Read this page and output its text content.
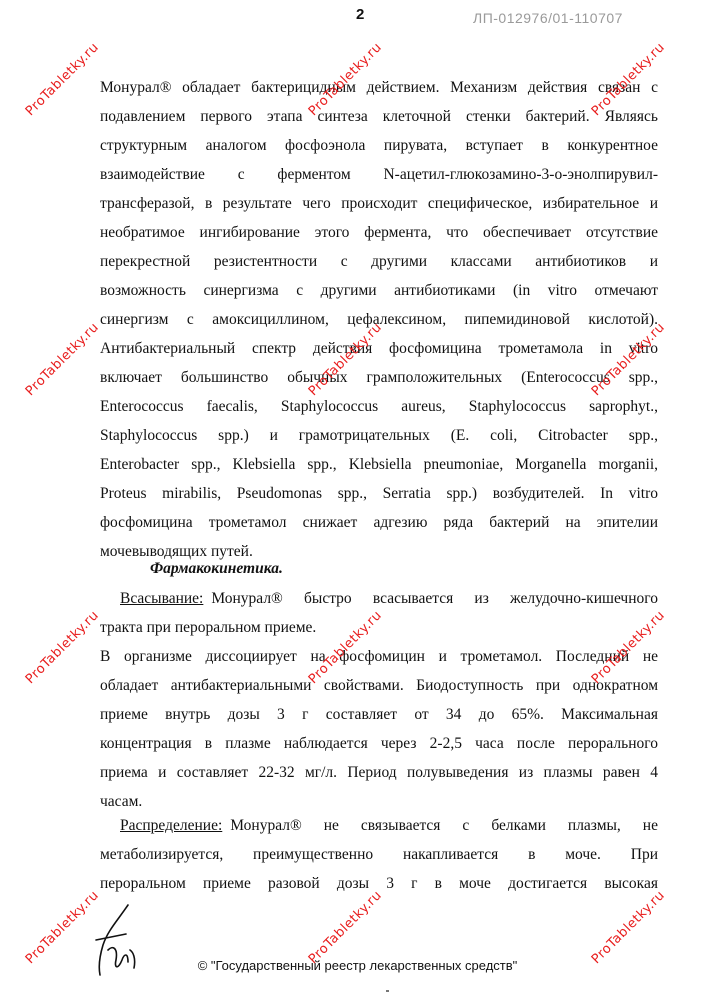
2	ЛП-012976/01-110707
Монурал® обладает бактерицидным действием. Механизм действия связан с
подавлением первого этапа синтеза клеточной стенки бактерий. Являясь
структурным аналогом фосфоэнола пирувата, вступает в конкурентное
взаимодействие с ферментом N-ацетил-глюкозамино-3-о-энолпирувил-
трансферазой, в результате чего происходит специфическое, избирательное и
необратимое ингибирование этого фермента, что обеспечивает отсутствие
перекрестной резистентности с другими классами антибиотиков и
возможность синергизма с другими антибиотиками (in vitro отмечают
синергизм с амоксициллином, цефалексином, пипемидиновой кислотой).
Антибактериальный спектр действия фосфомицина трометамола in vitro
включает большинство обычных грамположительных (Enterococcus spp.,
Enterococcus faecalis, Staphylococcus aureus, Staphylococcus saprophyt.,
Staphylococcus spp.) и грамотрицательных (E. coli, Citrobacter spp.,
Enterobacter spp., Klebsiella spp., Klebsiella pneumoniae, Morganella morganii,
Proteus mirabilis, Pseudomonas spp., Serratia spp.) возбудителей. In vitro
фосфомицина трометамол снижает адгезию ряда бактерий на эпителии
мочевыводящих путей.
Фармакокинетика.
Всасывание: Монурал® быстро всасывается из желудочно-кишечного
тракта при пероральном приеме.
В организме диссоциирует на фосфомицин и трометамол. Последний не
обладает антибактериальными свойствами. Биодоступность при однократном
приеме внутрь дозы 3 г составляет от 34 до 65%. Максимальная
концентрация в плазме наблюдается через 2-2,5 часа после перорального
приема и составляет 22-32 мг/л. Период полувыведения из плазмы равен 4
часам.
Распределение: Монурал® не связывается с белками плазмы, не
метаболизируется, преимущественно накапливается в моче. При
пероральном приеме разовой дозы 3 г в моче достигается высокая
ProTabletky.ru	ProTabletky.ru	ProTabletky.ru
ProTabletky.ru	ProTabletky.ru	ProTabletky.ru
ProTabletky.ru	ProTabletky.ru	ProTabletky.ru
ProTabletky.ru	ProTabletky.ru	ProTabletky.ru
© "Государственный реестр лекарственных средств"
